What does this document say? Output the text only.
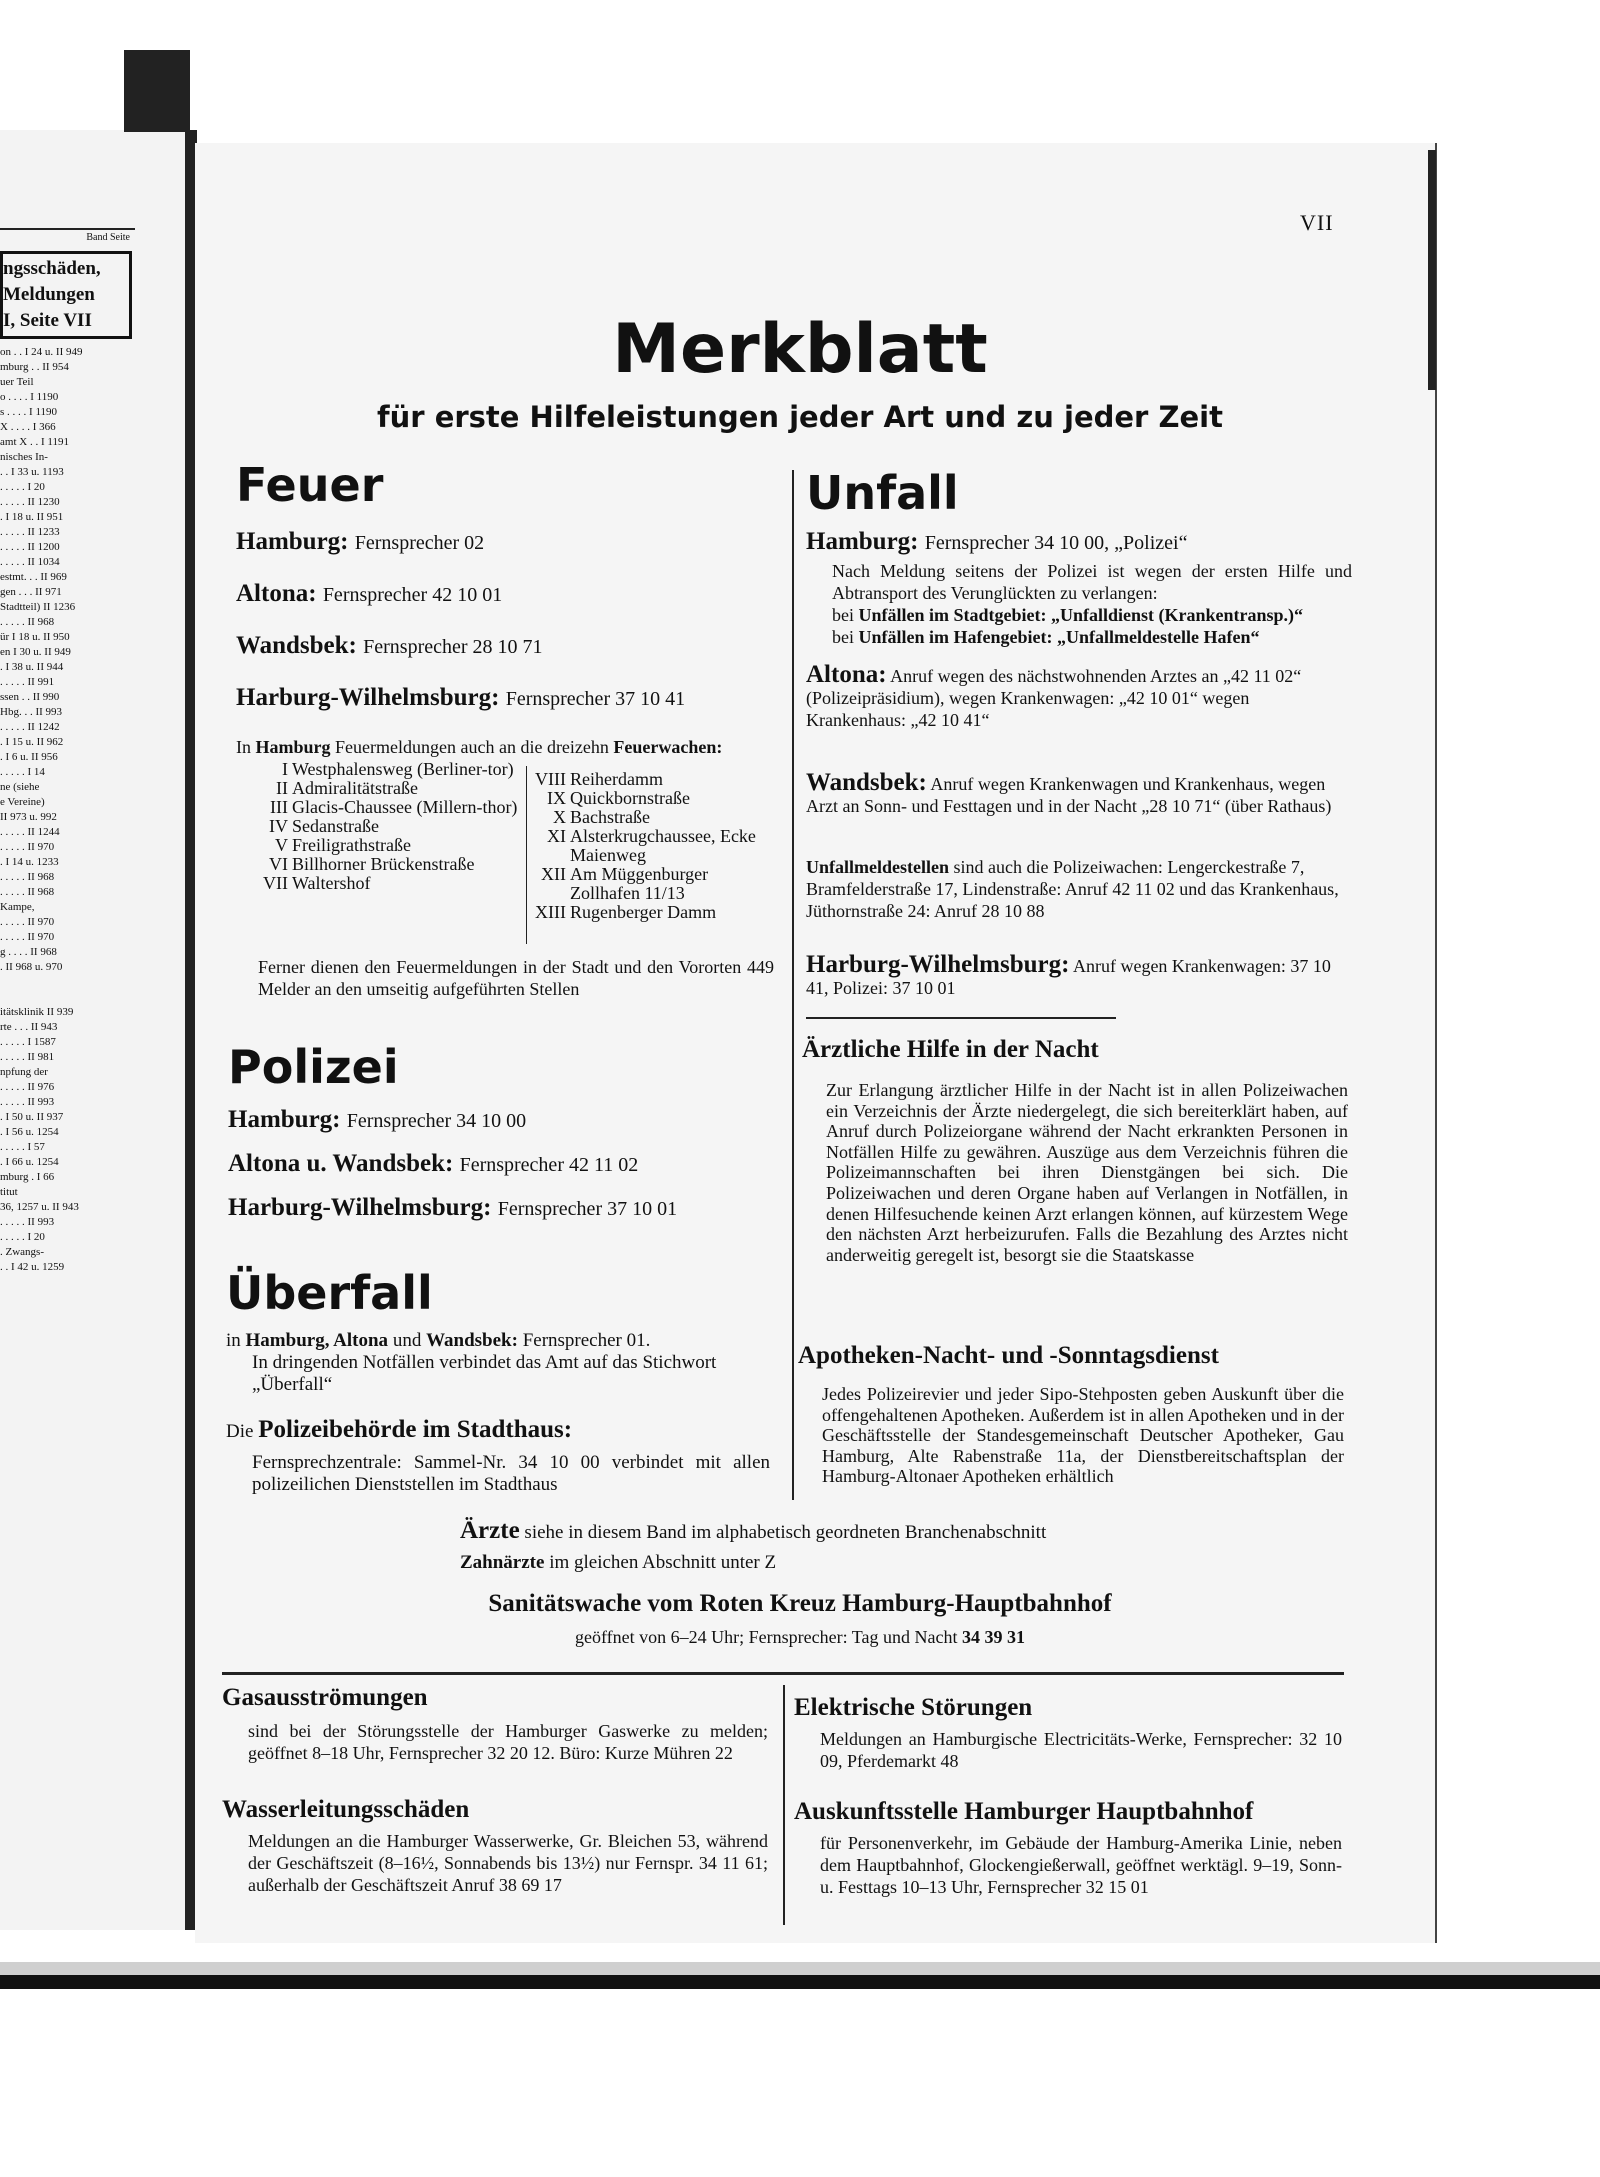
Band Seite
ngsschäden,
Meldungen
I, Seite VII
on . . I 24 u. II 949
mburg . . II 954
uer Teil
o . . . . I 1190
s . . . . I 1190
X . . . . I 366
amt X . . I 1191
nisches In-
. . I 33 u. 1193
. . . . . I 20
. . . . . II 1230
. I 18 u. II 951
. . . . . II 1233
. . . . . II 1200
. . . . . II 1034
estmt. . . II 969
gen . . . II 971
Stadtteil) II 1236
. . . . . II 968
ür I 18 u. II 950
en I 30 u. II 949
. I 38 u. II 944
. . . . . II 991
ssen . . II 990
Hbg. . . II 993
. . . . . II 1242
. I 15 u. II 962
. I 6 u. II 956
. . . . . I 14
ne (siehe
e Vereine)
II 973 u. 992
. . . . . II 1244
. . . . . II 970
. I 14 u. 1233
. . . . . II 968
. . . . . II 968
Kampe,
. . . . . II 970
. . . . . II 970
g . . . . II 968
. II 968 u. 970
itätsklinik II 939
rte . . . II 943
. . . . . I 1587
. . . . . II 981
npfung der
. . . . . II 976
. . . . . II 993
. I 50 u. II 937
. I 56 u. 1254
. . . . . I 57
. I 66 u. 1254
mburg . I 66
titut
36, 1257 u. II 943
. . . . . II 993
. . . . . I 20
. Zwangs-
. . I 42 u. 1259
VII
Merkblatt
für erste Hilfeleistungen jeder Art und zu jeder Zeit
Feuer
Hamburg: Fernsprecher 02
Altona: Fernsprecher 42 10 01
Wandsbek: Fernsprecher 28 10 71
Harburg-Wilhelmsburg: Fernsprecher 37 10 41
In Hamburg Feuermeldungen auch an die dreizehn Feuerwachen:
I	Westphalensweg (Berliner-tor)
II	Admiralitätstraße
III	Glacis-Chaussee (Millern-thor)
IV	Sedanstraße
V	Freiligrathstraße
VI	Billhorner Brückenstraße
VII	Waltershof
VIII	Reiherdamm
IX	Quickbornstraße
X	Bachstraße
XI	Alsterkrugchaussee, Ecke Maienweg
XII	Am Müggenburger Zollhafen 11/13
XIII	Rugenberger Damm
Ferner dienen den Feuermeldungen in der Stadt und den Vororten 449 Melder an den umseitig aufgeführten Stellen
Polizei
Hamburg: Fernsprecher 34 10 00
Altona u. Wandsbek: Fernsprecher 42 11 02
Harburg-Wilhelmsburg: Fernsprecher 37 10 01
Überfall
in Hamburg, Altona und Wandsbek: Fernsprecher 01.
In dringenden Notfällen verbindet das Amt auf das Stichwort „Überfall“
Die Polizeibehörde im Stadthaus:
Fernsprechzentrale: Sammel-Nr. 34 10 00 verbindet mit allen polizeilichen Dienststellen im Stadthaus
Unfall
Hamburg: Fernsprecher 34 10 00, „Polizei“
Nach Meldung seitens der Polizei ist wegen der ersten Hilfe und Abtransport des Verunglückten zu verlangen:
bei Unfällen im Stadtgebiet: „Unfalldienst (Krankentransp.)“
bei Unfällen im Hafengebiet: „Unfallmeldestelle Hafen“
Altona: Anruf wegen des nächstwohnenden Arztes an „42 11 02“ (Polizeipräsidium), wegen Krankenwagen: „42 10 01“ wegen Krankenhaus: „42 10 41“
Wandsbek: Anruf wegen Krankenwagen und Krankenhaus, wegen Arzt an Sonn- und Festtagen und in der Nacht „28 10 71“ (über Rathaus)
Unfallmeldestellen sind auch die Polizeiwachen: Lengerckestraße 7, Bramfelderstraße 17, Lindenstraße: Anruf 42 11 02 und das Krankenhaus, Jüthornstraße 24: Anruf 28 10 88
Harburg-Wilhelmsburg: Anruf wegen Krankenwagen: 37 10 41, Polizei: 37 10 01
Ärztliche Hilfe in der Nacht
Zur Erlangung ärztlicher Hilfe in der Nacht ist in allen Polizeiwachen ein Verzeichnis der Ärzte niedergelegt, die sich bereiterklärt haben, auf Anruf durch Polizeiorgane während der Nacht erkrankten Personen in Notfällen Hilfe zu gewähren. Auszüge aus dem Verzeichnis führen die Polizeimannschaften bei ihren Dienstgängen bei sich. Die Polizeiwachen und deren Organe haben auf Verlangen in Notfällen, in denen Hilfesuchende keinen Arzt erlangen können, auf kürzestem Wege den nächsten Arzt herbeizurufen. Falls die Bezahlung des Arztes nicht anderweitig geregelt ist, besorgt sie die Staatskasse
Apotheken-Nacht- und -Sonntagsdienst
Jedes Polizeirevier und jeder Sipo-Stehposten geben Auskunft über die offengehaltenen Apotheken. Außerdem ist in allen Apotheken und in der Geschäftsstelle der Standesgemeinschaft Deutscher Apotheker, Gau Hamburg, Alte Rabenstraße 11a, der Dienstbereitschaftsplan der Hamburg-Altonaer Apotheken erhältlich
Ärzte siehe in diesem Band im alphabetisch geordneten Branchenabschnitt
Zahnärzte im gleichen Abschnitt unter Z
Sanitätswache vom Roten Kreuz Hamburg-Hauptbahnhof
geöffnet von 6–24 Uhr; Fernsprecher: Tag und Nacht 34 39 31
Gasausströmungen
sind bei der Störungsstelle der Hamburger Gaswerke zu melden; geöffnet 8–18 Uhr, Fernsprecher 32 20 12. Büro: Kurze Mühren 22
Wasserleitungsschäden
Meldungen an die Hamburger Wasserwerke, Gr. Bleichen 53, während der Geschäftszeit (8–16½, Sonnabends bis 13½) nur Fernspr. 34 11 61; außerhalb der Geschäftszeit Anruf 38 69 17
Elektrische Störungen
Meldungen an Hamburgische Electricitäts-Werke, Fernsprecher: 32 10 09, Pferdemarkt 48
Auskunftsstelle Hamburger Hauptbahnhof
für Personenverkehr, im Gebäude der Hamburg-Amerika Linie, neben dem Hauptbahnhof, Glockengießerwall, geöffnet werktägl. 9–19, Sonn- u. Festtags 10–13 Uhr, Fernsprecher 32 15 01
